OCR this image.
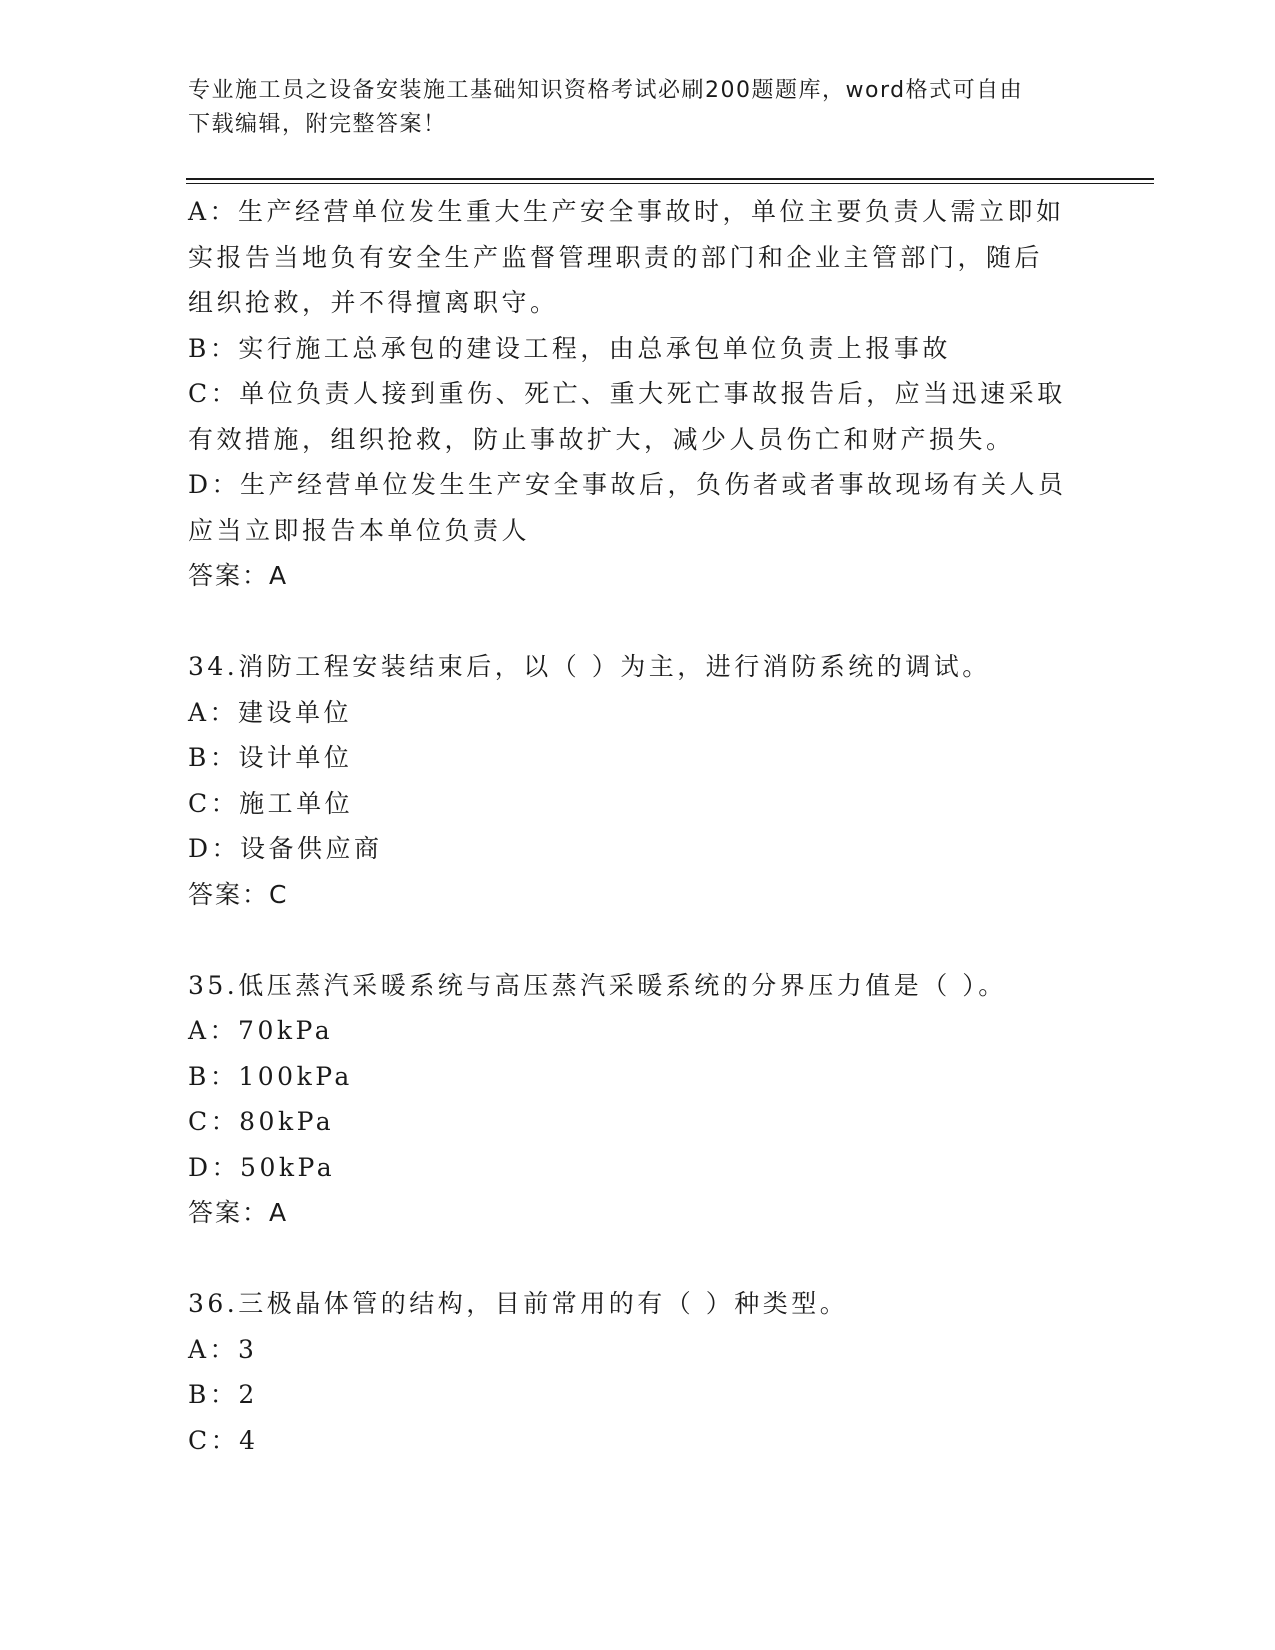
专业施工员之设备安装施工基础知识资格考试必刷200题题库，word格式可自由
下载编辑，附完整答案！
A：生产经营单位发生重大生产安全事故时，单位主要负责人需立即如
实报告当地负有安全生产监督管理职责的部门和企业主管部门，随后
组织抢救，并不得擅离职守。
B：实行施工总承包的建设工程，由总承包单位负责上报事故
C：单位负责人接到重伤、死亡、重大死亡事故报告后，应当迅速采取
有效措施，组织抢救，防止事故扩大，减少人员伤亡和财产损失。
D：生产经营单位发生生产安全事故后，负伤者或者事故现场有关人员
应当立即报告本单位负责人
答案：A
34.消防工程安装结束后，以（ ）为主，进行消防系统的调试。
A：建设单位
B：设计单位
C：施工单位
D：设备供应商
答案：C
35.低压蒸汽采暖系统与高压蒸汽采暖系统的分界压力值是（ ）。
A：70kPa
B：100kPa
C：80kPa
D：50kPa
答案：A
36.三极晶体管的结构，目前常用的有（ ）种类型。
A：3
B：2
C：4
